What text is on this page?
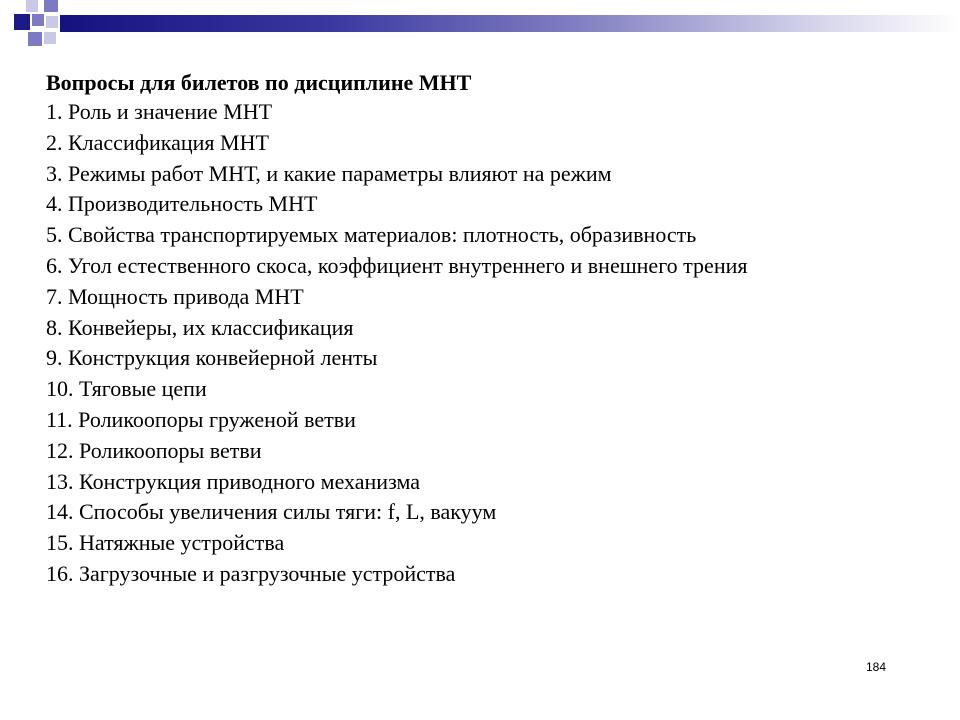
Вопросы для билетов по дисциплине МНТ
1. Роль и значение МНТ
2. Классификация МНТ
3. Режимы работ МНТ, и какие параметры влияют на режим
4. Производительность МНТ
5. Свойства транспортируемых материалов: плотность, образивность
6. Угол естественного скоса, коэффициент внутреннего и внешнего трения
7. Мощность привода МНТ
8. Конвейеры, их классификация
9. Конструкция конвейерной ленты
10. Тяговые цепи
11. Роликоопоры груженой ветви
12. Роликоопоры ветви
13. Конструкция приводного механизма
14. Способы увеличения силы тяги: f, L, вакуум
15. Натяжные устройства
16. Загрузочные и разгрузочные устройства
184
